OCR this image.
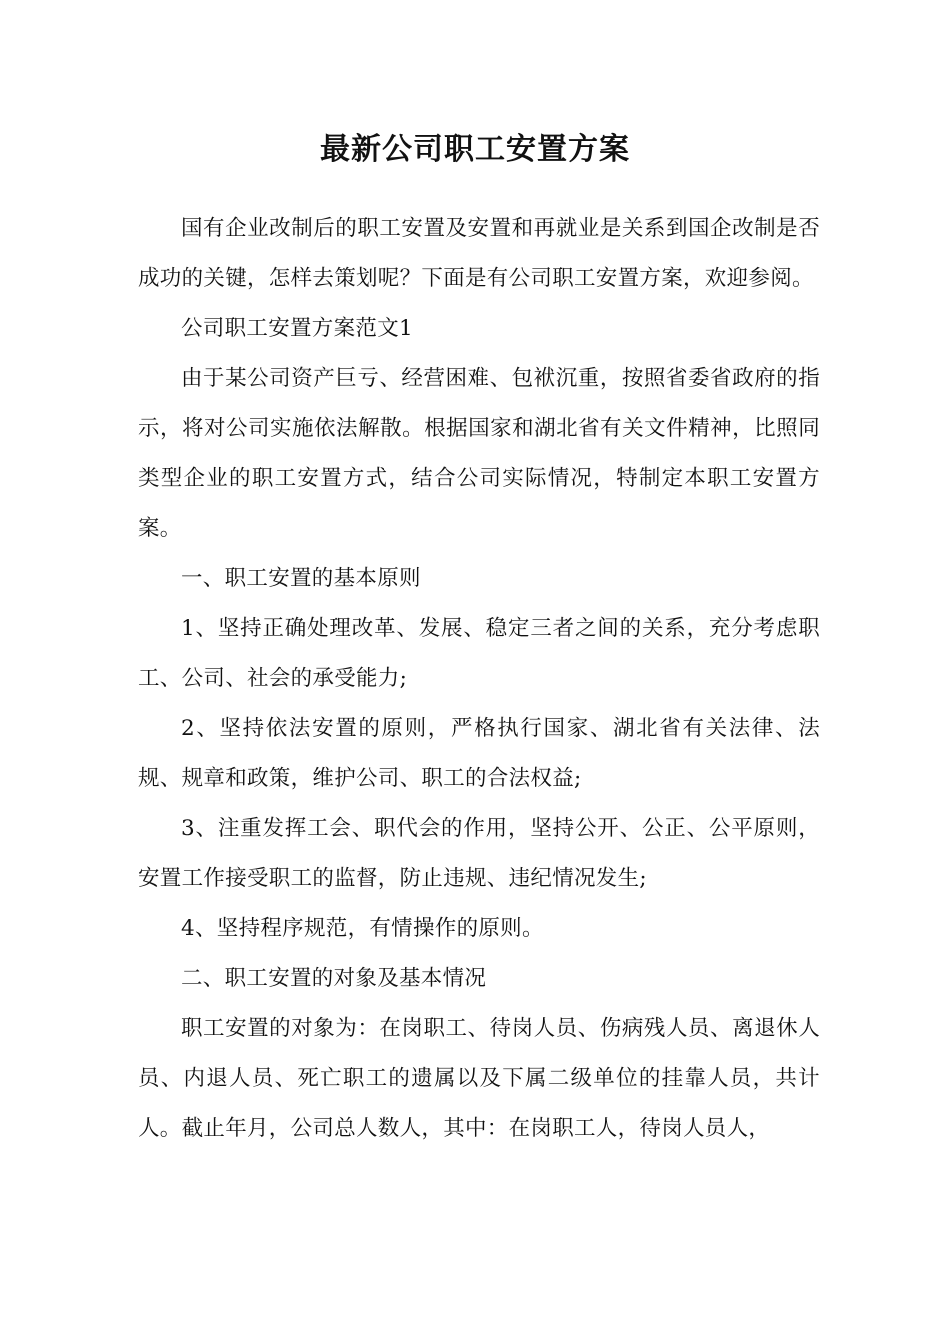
最新公司职工安置方案

国有企业改制后的职工安置及安置和再就业是关系到国企改制是否成功的关键，怎样去策划呢？下面是有公司职工安置方案，欢迎参阅。

公司职工安置方案范文1

由于某公司资产巨亏、经营困难、包袱沉重，按照省委省政府的指示，将对公司实施依法解散。根据国家和湖北省有关文件精神，比照同类型企业的职工安置方式，结合公司实际情况，特制定本职工安置方案。

一、职工安置的基本原则

1、坚持正确处理改革、发展、稳定三者之间的关系，充分考虑职工、公司、社会的承受能力;

2、坚持依法安置的原则，严格执行国家、湖北省有关法律、法规、规章和政策，维护公司、职工的合法权益;

3、注重发挥工会、职代会的作用，坚持公开、公正、公平原则，安置工作接受职工的监督，防止违规、违纪情况发生;

4、坚持程序规范，有情操作的原则。

二、职工安置的对象及基本情况

职工安置的对象为：在岗职工、待岗人员、伤病残人员、离退休人员、内退人员、死亡职工的遗属以及下属二级单位的挂靠人员，共计人。截止年月，公司总人数人，其中：在岗职工人，待岗人员人，
